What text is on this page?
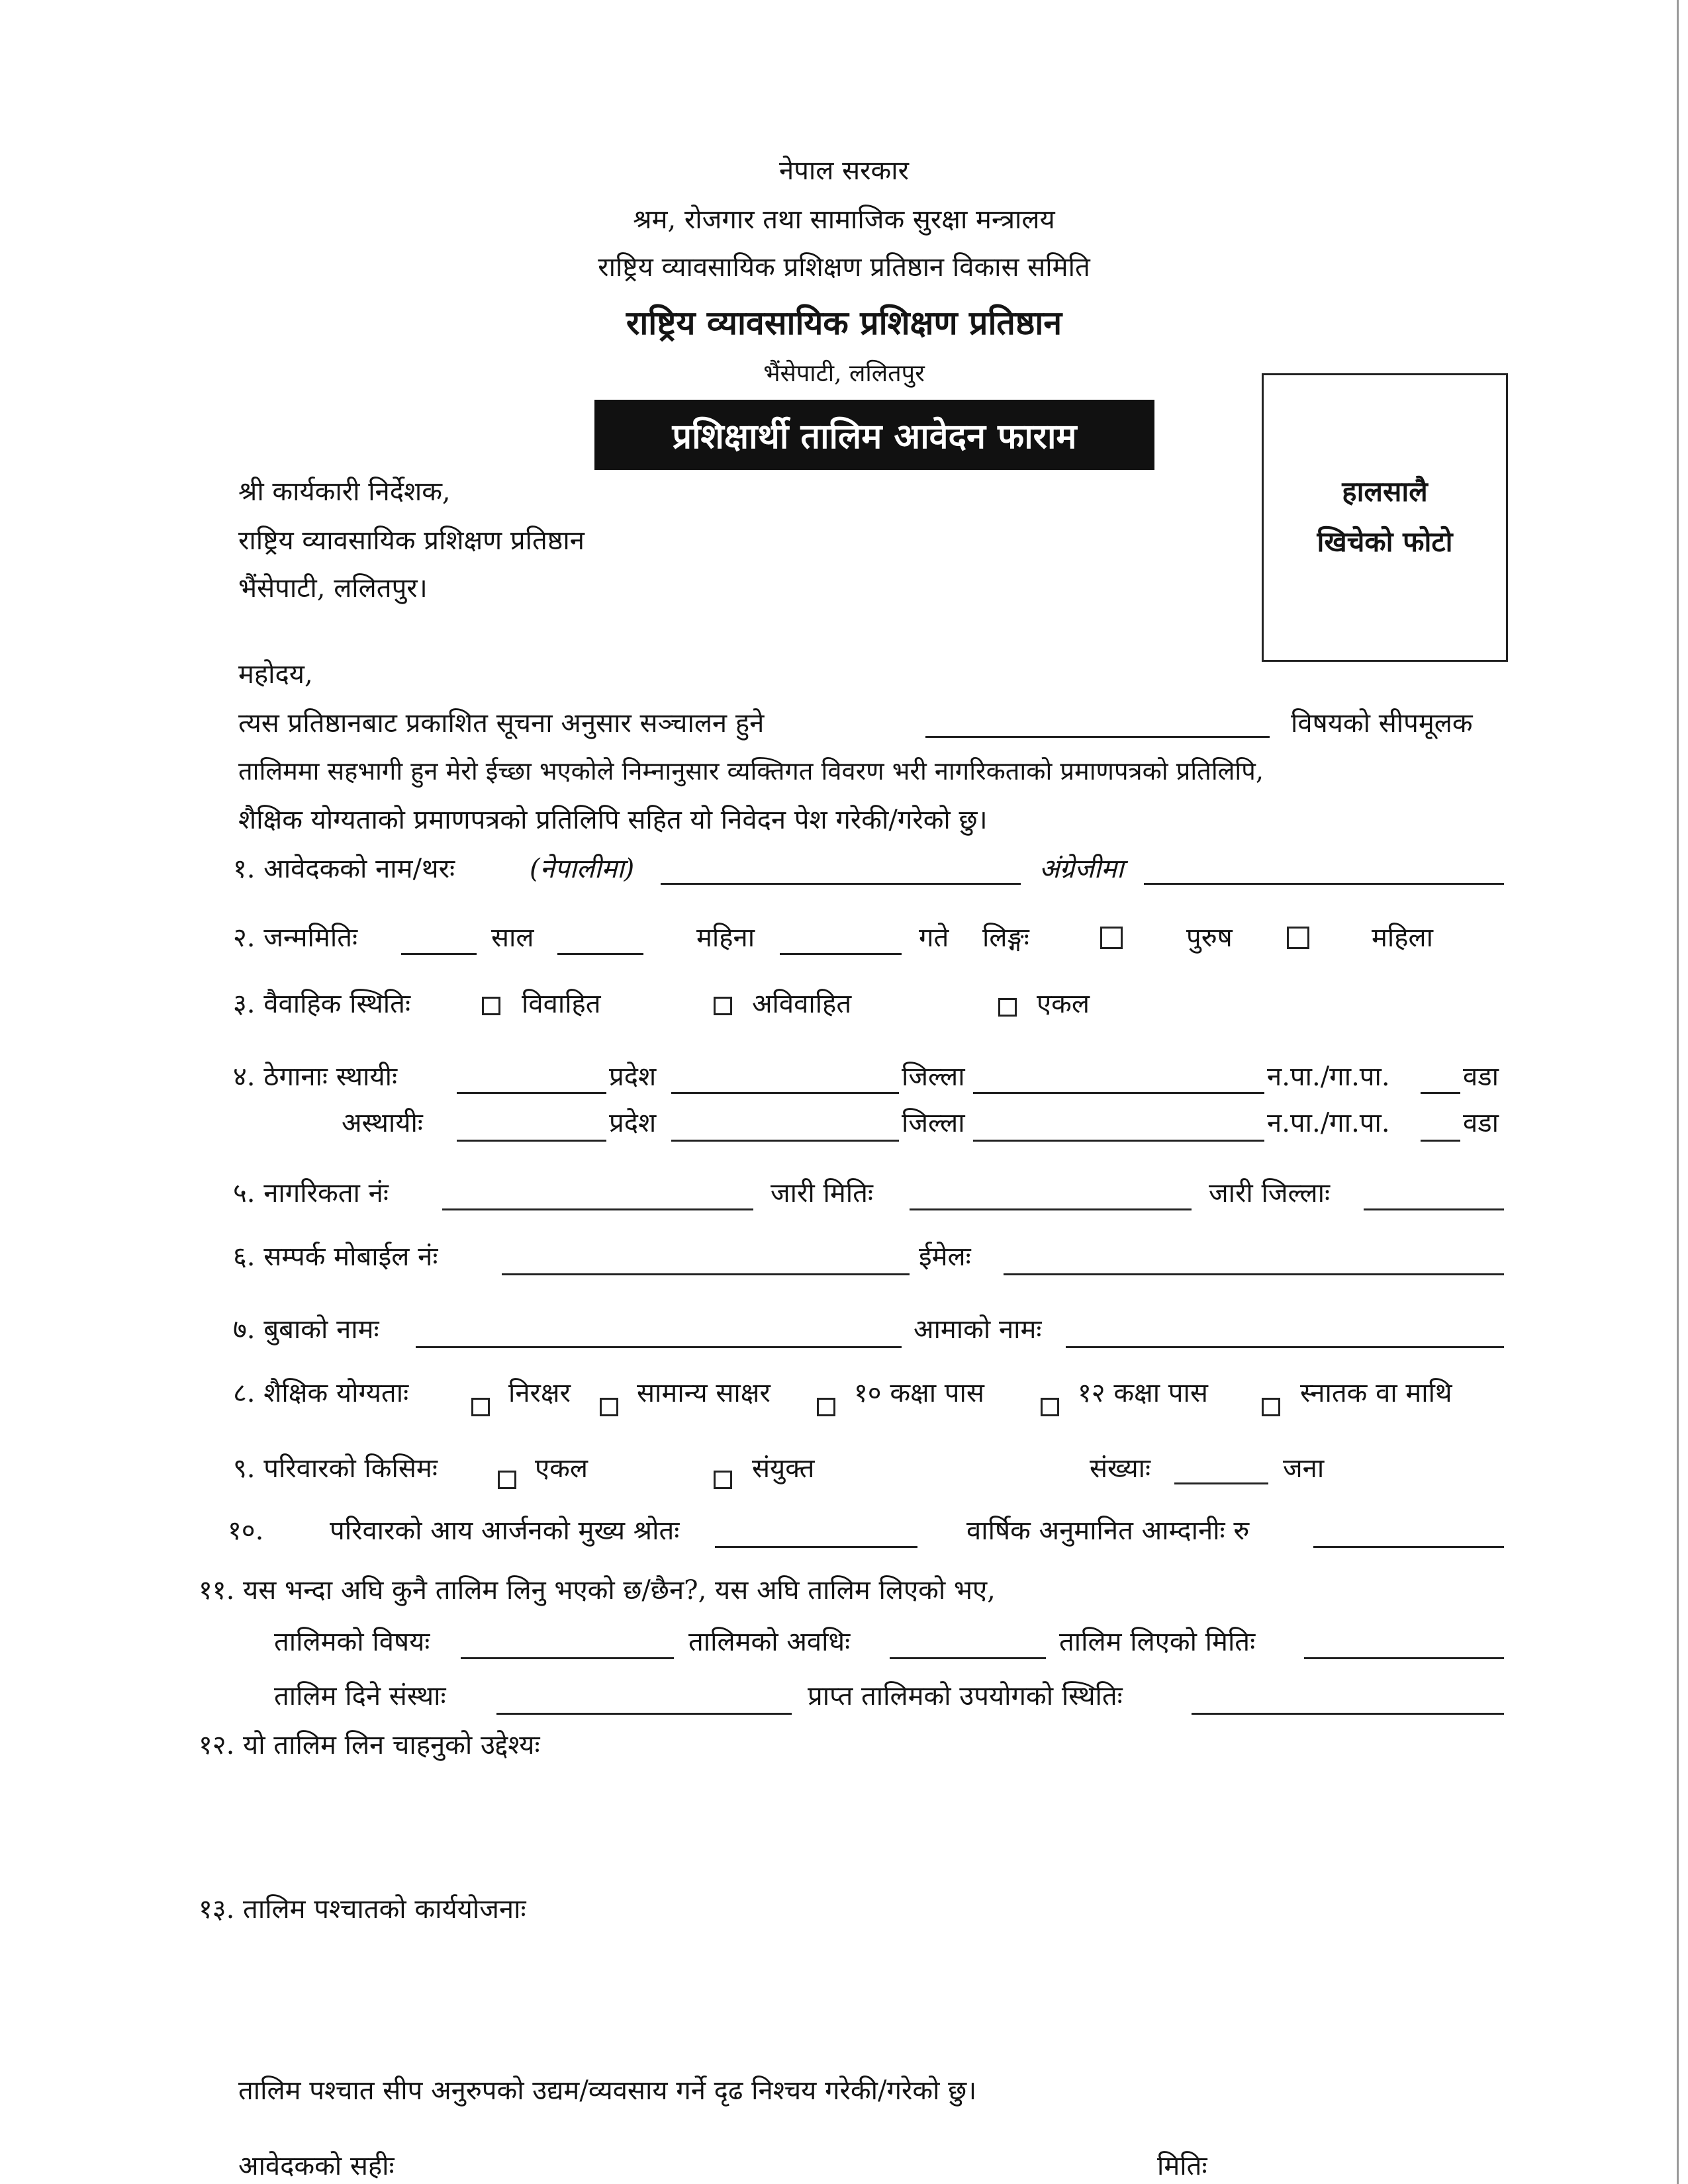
नेपाल सरकार
श्रम, रोजगार तथा सामाजिक सुरक्षा मन्त्रालय
राष्ट्रिय व्यावसायिक प्रशिक्षण प्रतिष्ठान विकास समिति
राष्ट्रिय व्यावसायिक प्रशिक्षण प्रतिष्ठान
भैंसेपाटी, ललितपुर
प्रशिक्षार्थी तालिम आवेदन फाराम
हालसालै
खिचेको फोटो
श्री कार्यकारी निर्देशक,
राष्ट्रिय व्यावसायिक प्रशिक्षण प्रतिष्ठान
भैंसेपाटी, ललितपुर।
महोदय,
त्यस प्रतिष्ठानबाट प्रकाशित सूचना अनुसार सञ्चालन हुने	विषयको सीपमूलक
तालिममा सहभागी हुन मेरो ईच्छा भएकोले निम्नानुसार व्यक्तिगत विवरण भरी नागरिकताको प्रमाणपत्रको प्रतिलिपि,
शैक्षिक योग्यताको प्रमाणपत्रको प्रतिलिपि सहित यो निवेदन पेश गरेकी/गरेको छु।
१. आवेदकको नाम/थरः	(नेपालीमा)	अंग्रेजीमा
२. जन्ममितिः	साल	महिना	गते लिङ्गः	पुरुष	महिला
३. वैवाहिक स्थितिः	विवाहित	अविवाहित	एकल
४. ठेगानाः स्थायीः	प्रदेश	जिल्ला	न.पा./गा.पा.	वडा
अस्थायीः	प्रदेश	जिल्ला	न.पा./गा.पा.	वडा
५. नागरिकता नंः	जारी मितिः	जारी जिल्लाः
६. सम्पर्क मोबाईल नंः	ईमेलः
७. बुबाको नामः	आमाको नामः
८. शैक्षिक योग्यताः	निरक्षर	सामान्य साक्षर	१० कक्षा पास	१२ कक्षा पास	स्नातक वा माथि
९. परिवारको किसिमः	एकल	संयुक्त	संख्याः	जना
१०. परिवारको आय आर्जनको मुख्य श्रोतः	वार्षिक अनुमानित आम्दानीः रु
११. यस भन्दा अघि कुनै तालिम लिनु भएको छ/छैन?, यस अघि तालिम लिएको भए,
तालिमको विषयः	तालिमको अवधिः	तालिम लिएको मितिः
तालिम दिने संस्थाः	प्राप्त तालिमको उपयोगको स्थितिः
१२. यो तालिम लिन चाहनुको उद्देश्यः
१३. तालिम पश्चातको कार्ययोजनाः
तालिम पश्चात सीप अनुरुपको उद्यम/व्यवसाय गर्ने दृढ निश्चय गरेकी/गरेको छु।
आवेदकको सहीः	मितिः
